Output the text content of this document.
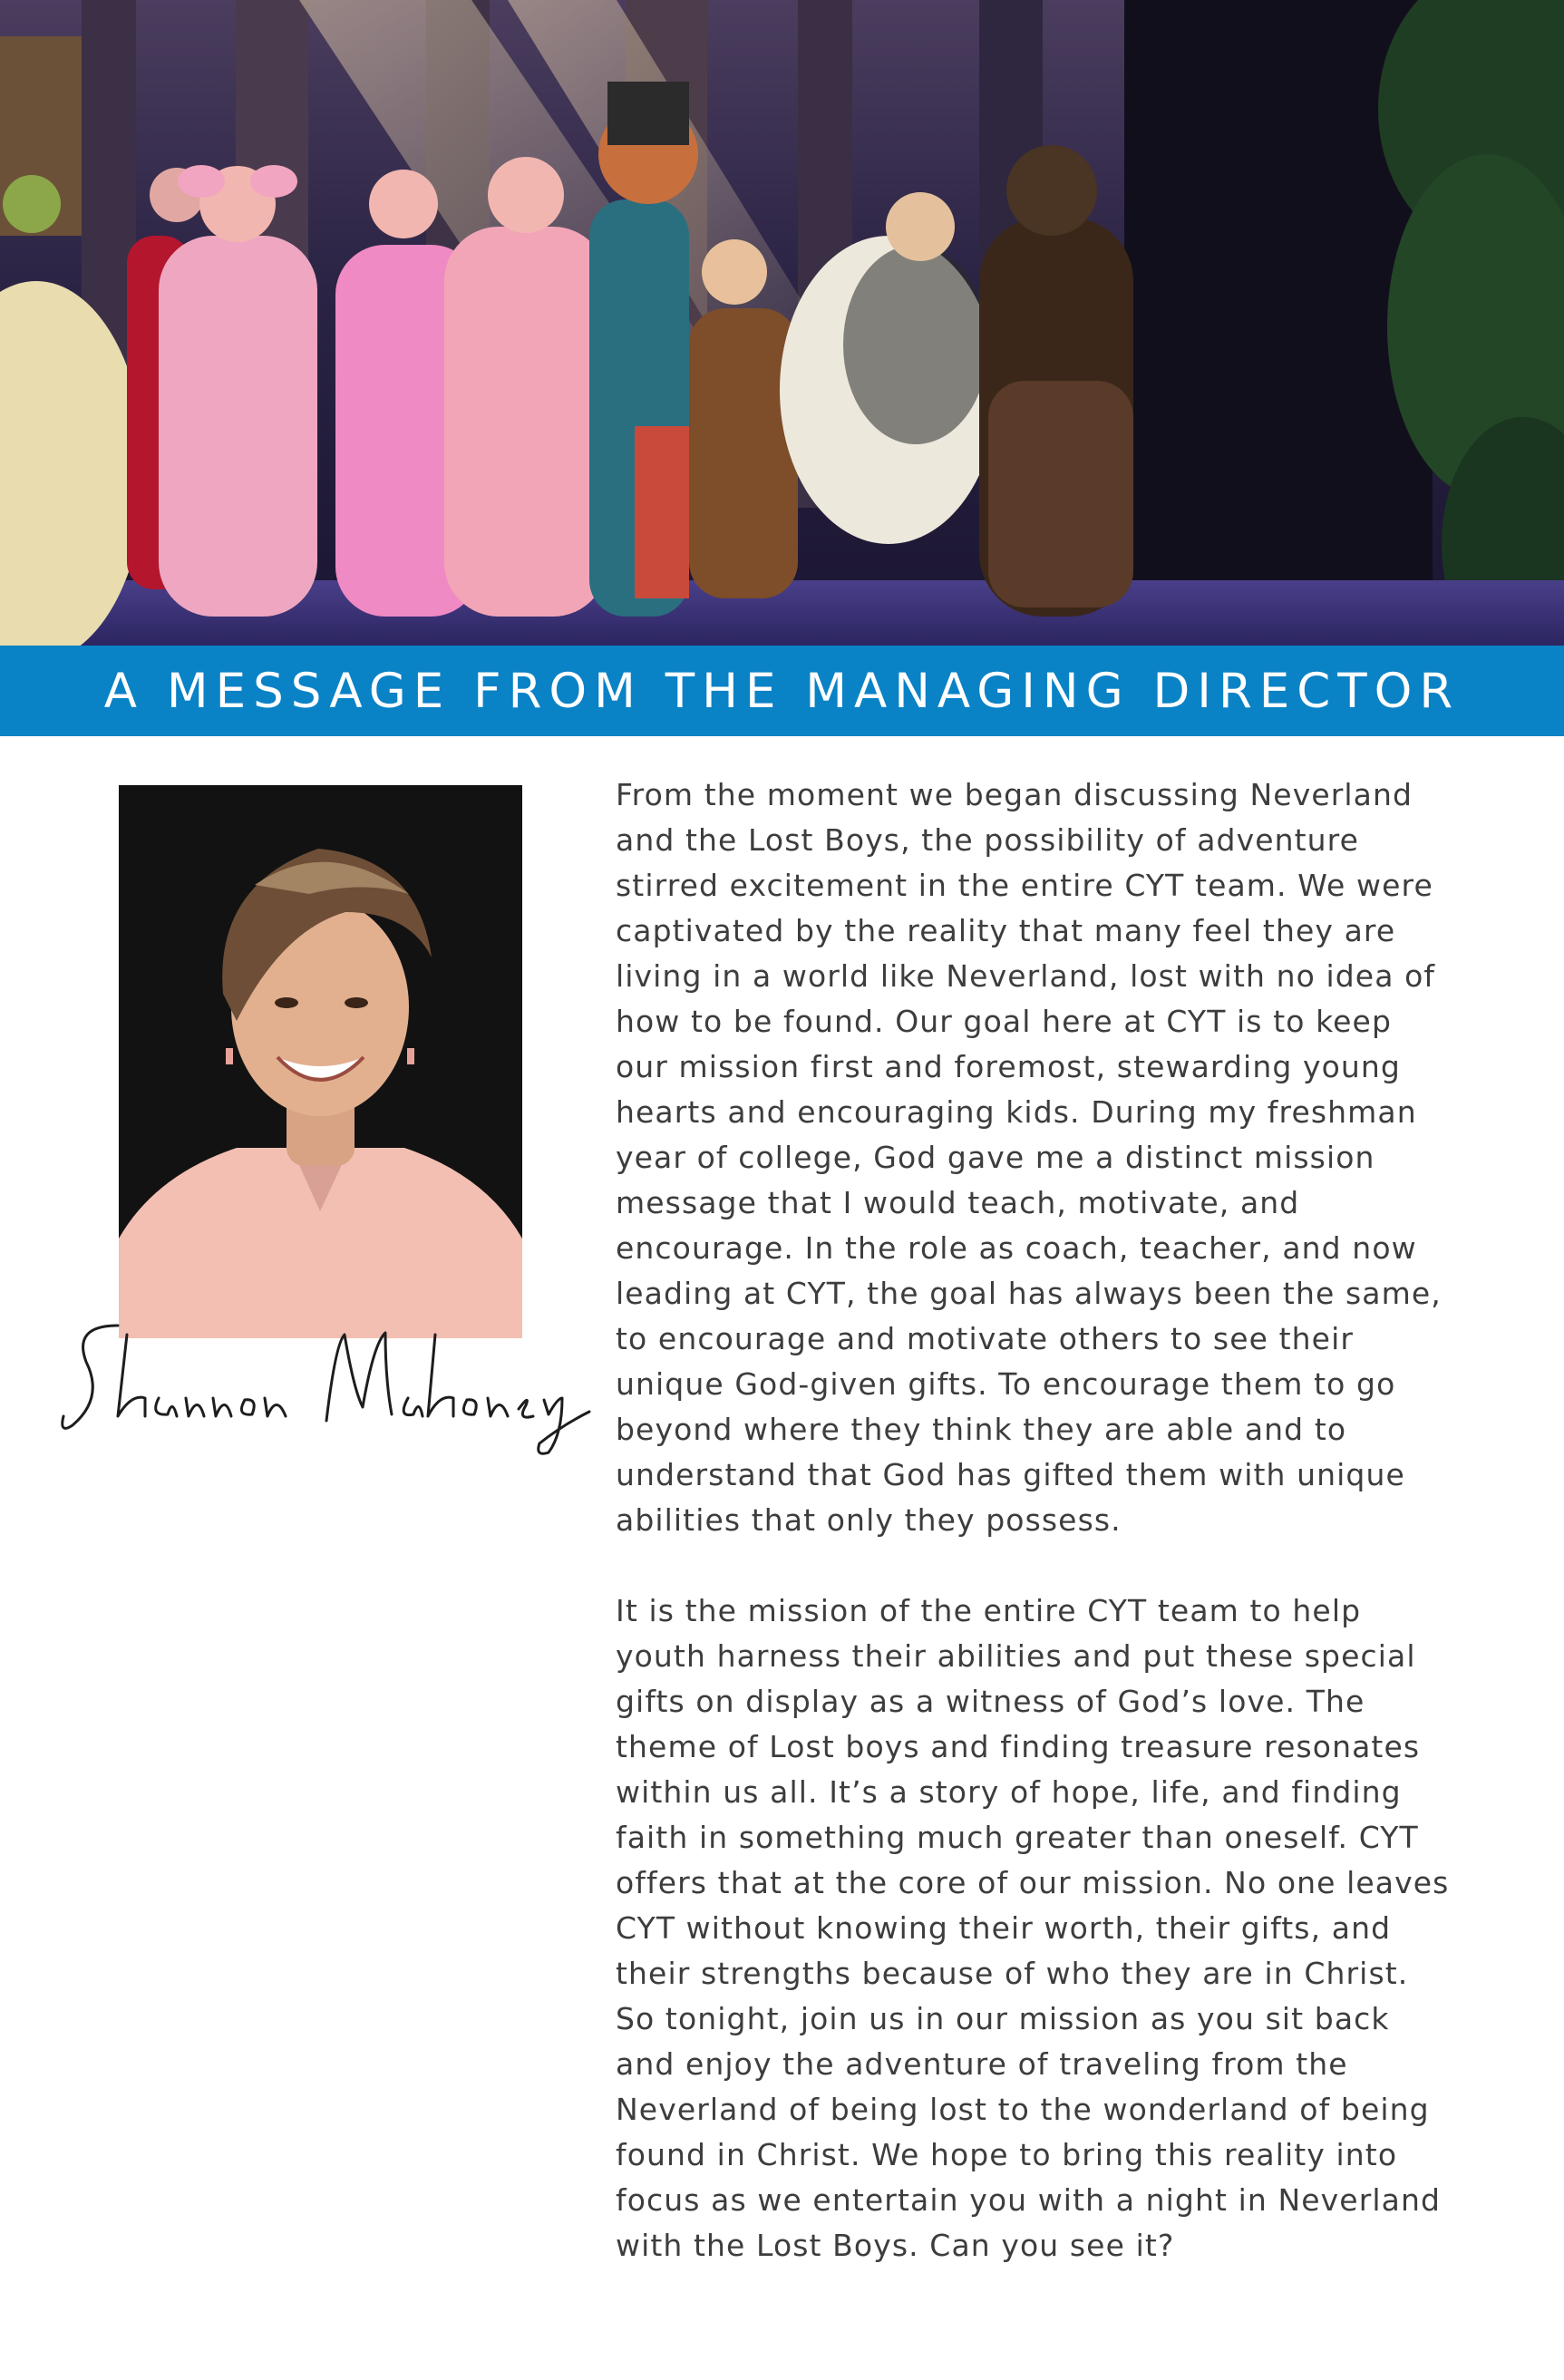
A MESSAGE FROM THE MANAGING DIRECTOR

From the moment we began discussing Neverland
and the Lost Boys, the possibility of adventure
stirred excitement in the entire CYT team. We were
captivated by the reality that many feel they are
living in a world like Neverland, lost with no idea of
how to be found. Our goal here at CYT is to keep
our mission first and foremost, stewarding young
hearts and encouraging kids. During my freshman
year of college, God gave me a distinct mission
message that I would teach, motivate, and
encourage. In the role as coach, teacher, and now
leading at CYT, the goal has always been the same,
to encourage and motivate others to see their
unique God-given gifts. To encourage them to go
beyond where they think they are able and to
understand that God has gifted them with unique
abilities that only they possess.

It is the mission of the entire CYT team to help
youth harness their abilities and put these special
gifts on display as a witness of God’s love. The
theme of Lost boys and finding treasure resonates
within us all. It’s a story of hope, life, and finding
faith in something much greater than oneself. CYT
offers that at the core of our mission. No one leaves
CYT without knowing their worth, their gifts, and
their strengths because of who they are in Christ.
So tonight, join us in our mission as you sit back
and enjoy the adventure of traveling from the
Neverland of being lost to the wonderland of being
found in Christ. We hope to bring this reality into
focus as we entertain you with a night in Neverland
with the Lost Boys. Can you see it?
